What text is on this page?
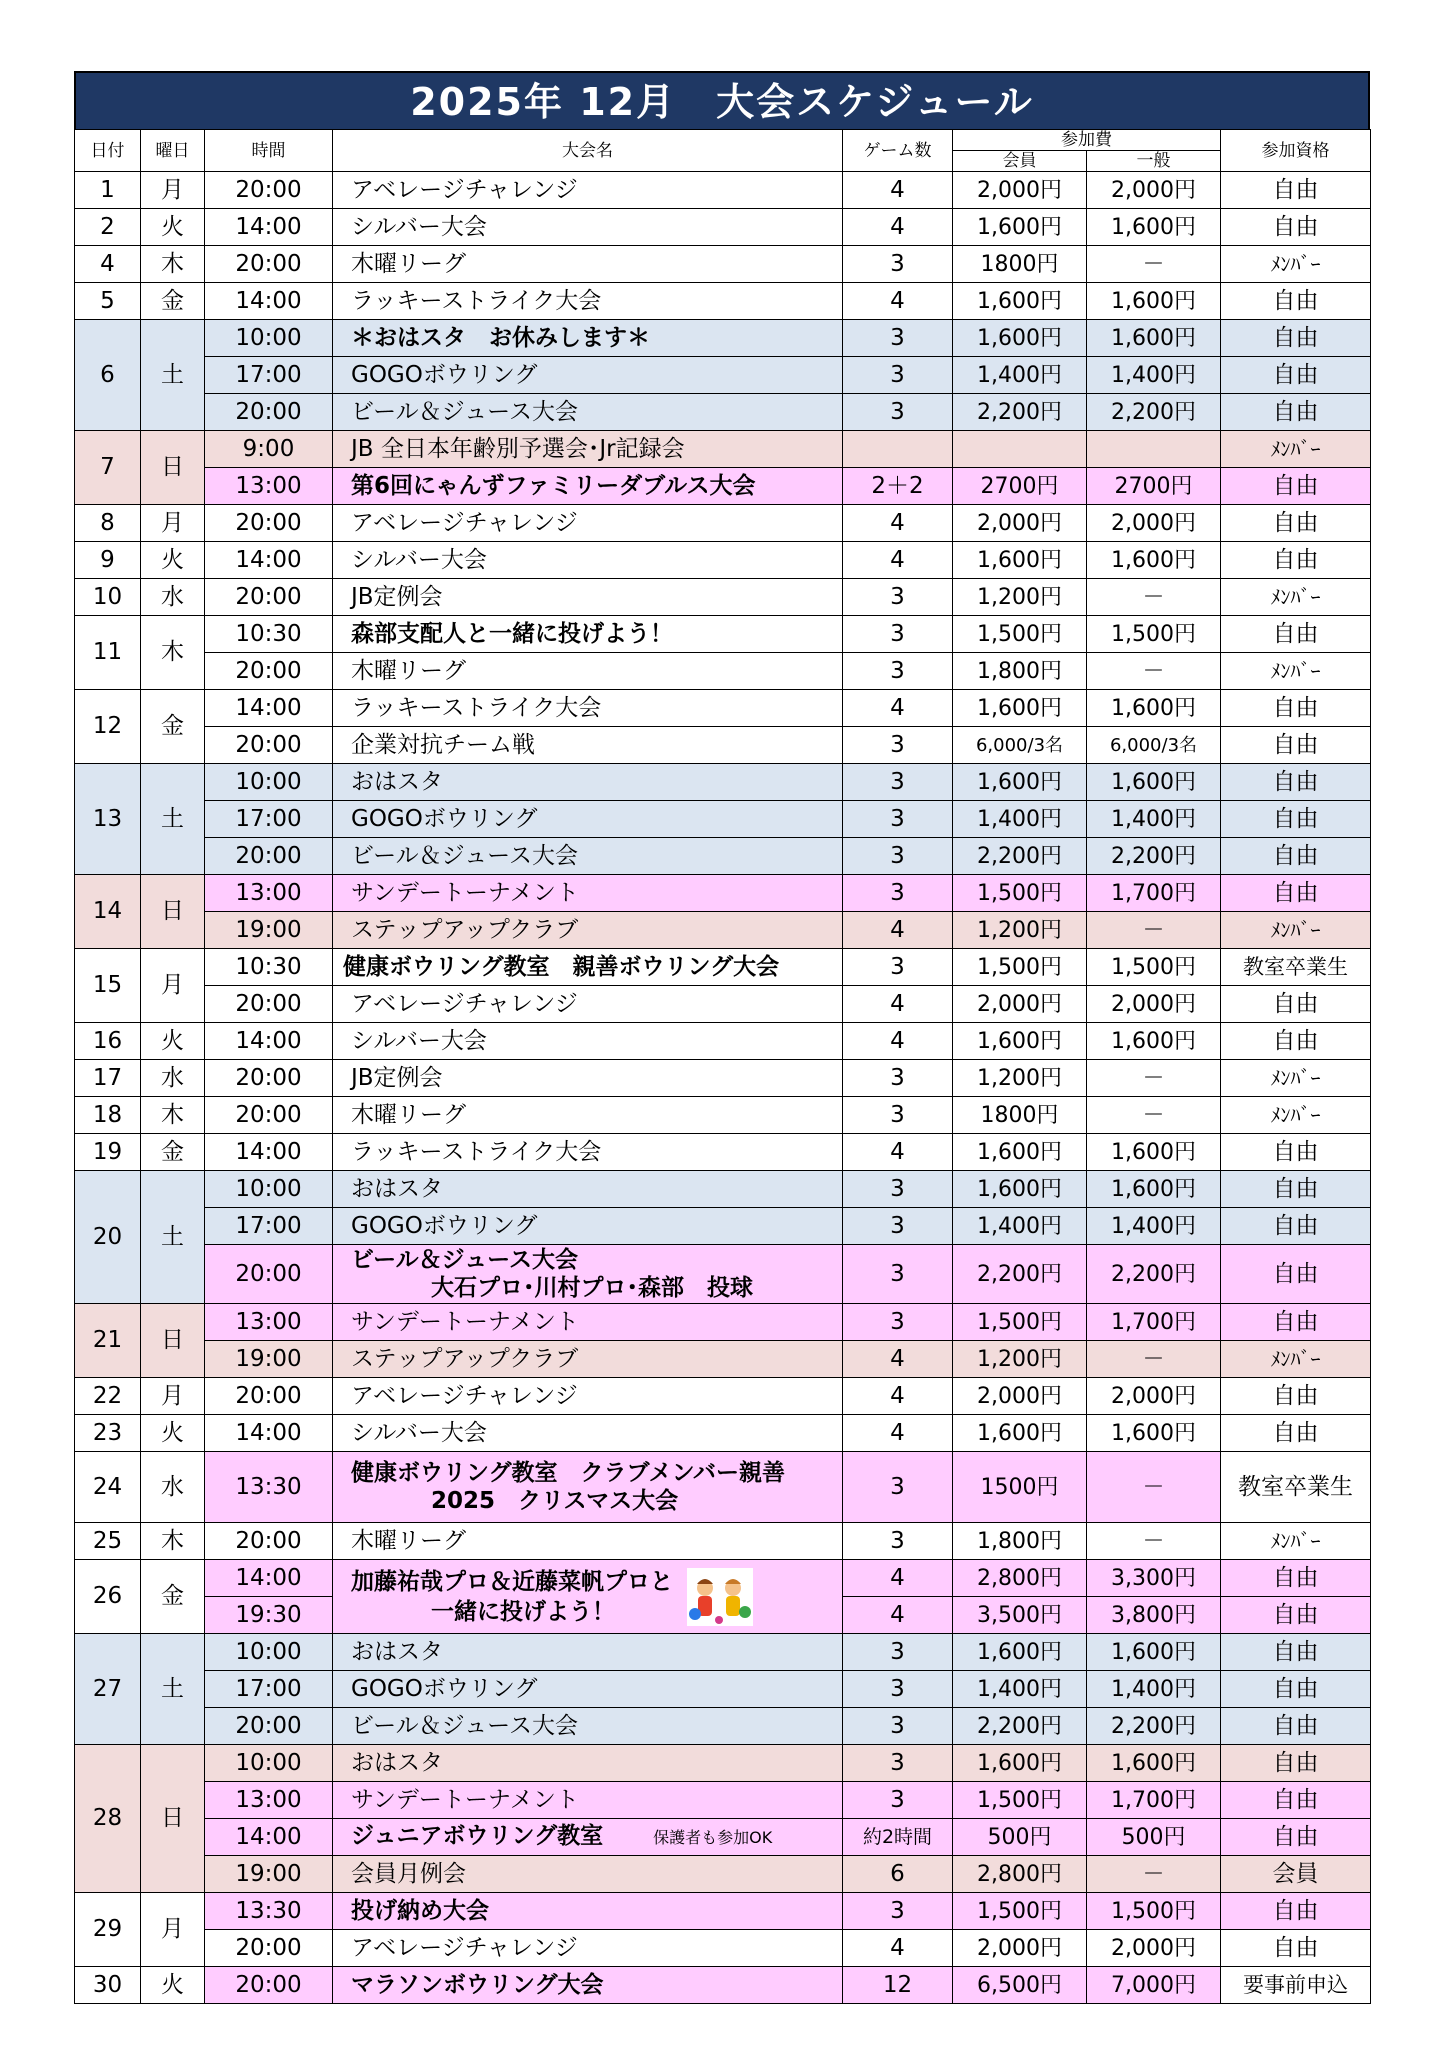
2025年 12月　大会スケジュール
日付	曜日	時間	大会名	ゲーム数	参加費		参加資格
					会員	一般	
1	月	20:00	アベレージチャレンジ	4	2,000円	2,000円	自由
2	火	14:00	シルバー大会	4	1,600円	1,600円	自由
4	木	20:00	木曜リーグ	3	1800円	－	ﾒﾝﾊﾞｰ
5	金	14:00	ラッキーストライク大会	4	1,600円	1,600円	自由
6	土	10:00	＊おはスタ　お休みします＊	3	1,600円	1,600円	自由
		17:00	GOGOボウリング	3	1,400円	1,400円	自由
		20:00	ビール＆ジュース大会	3	2,200円	2,200円	自由
7	日	9:00	JB 全日本年齢別予選会･Jr記録会				ﾒﾝﾊﾞｰ
		13:00	第6回にゃんずファミリーダブルス大会	2＋2	2700円	2700円	自由
8	月	20:00	アベレージチャレンジ	4	2,000円	2,000円	自由
9	火	14:00	シルバー大会	4	1,600円	1,600円	自由
10	水	20:00	JB定例会	3	1,200円	－	ﾒﾝﾊﾞｰ
11	木	10:30	森部支配人と一緒に投げよう！	3	1,500円	1,500円	自由
		20:00	木曜リーグ	3	1,800円	－	ﾒﾝﾊﾞｰ
12	金	14:00	ラッキーストライク大会	4	1,600円	1,600円	自由
		20:00	企業対抗チーム戦	3	6,000/3名	6,000/3名	自由
13	土	10:00	おはスタ	3	1,600円	1,600円	自由
		17:00	GOGOボウリング	3	1,400円	1,400円	自由
		20:00	ビール＆ジュース大会	3	2,200円	2,200円	自由
14	日	13:00	サンデートーナメント	3	1,500円	1,700円	自由
		19:00	ステップアップクラブ	4	1,200円	－	ﾒﾝﾊﾞｰ
15	月	10:30	健康ボウリング教室　親善ボウリング大会	3	1,500円	1,500円	教室卒業生
		20:00	アベレージチャレンジ	4	2,000円	2,000円	自由
16	火	14:00	シルバー大会	4	1,600円	1,600円	自由
17	水	20:00	JB定例会	3	1,200円	－	ﾒﾝﾊﾞｰ
18	木	20:00	木曜リーグ	3	1800円	－	ﾒﾝﾊﾞｰ
19	金	14:00	ラッキーストライク大会	4	1,600円	1,600円	自由
20	土	10:00	おはスタ	3	1,600円	1,600円	自由
		17:00	GOGOボウリング	3	1,400円	1,400円	自由
		20:00	ビール＆ジュース大会
大石プロ･川村プロ･森部　投球	3	2,200円	2,200円	自由
21	日	13:00	サンデートーナメント	3	1,500円	1,700円	自由
		19:00	ステップアップクラブ	4	1,200円	－	ﾒﾝﾊﾞｰ
22	月	20:00	アベレージチャレンジ	4	2,000円	2,000円	自由
23	火	14:00	シルバー大会	4	1,600円	1,600円	自由
24	水	13:30	健康ボウリング教室　クラブメンバー親善
2025　クリスマス大会	3	1500円	－	教室卒業生
25	木	20:00	木曜リーグ	3	1,800円	－	ﾒﾝﾊﾞｰ
26	金	14:00	加藤祐哉プロ＆近藤菜帆プロと
一緒に投げよう！	4	2,800円	3,300円	自由
		19:30		4	3,500円	3,800円	自由
27	土	10:00	おはスタ	3	1,600円	1,600円	自由
		17:00	GOGOボウリング	3	1,400円	1,400円	自由
		20:00	ビール＆ジュース大会	3	2,200円	2,200円	自由
28	日	10:00	おはスタ	3	1,600円	1,600円	自由
		13:00	サンデートーナメント	3	1,500円	1,700円	自由
		14:00	ジュニアボウリング教室 保護者も参加OK	約2時間	500円	500円	自由
		19:00	会員月例会	6	2,800円	－	会員
29	月	13:30	投げ納め大会	3	1,500円	1,500円	自由
		20:00	アベレージチャレンジ	4	2,000円	2,000円	自由
30	火	20:00	マラソンボウリング大会	12	6,500円	7,000円	要事前申込
